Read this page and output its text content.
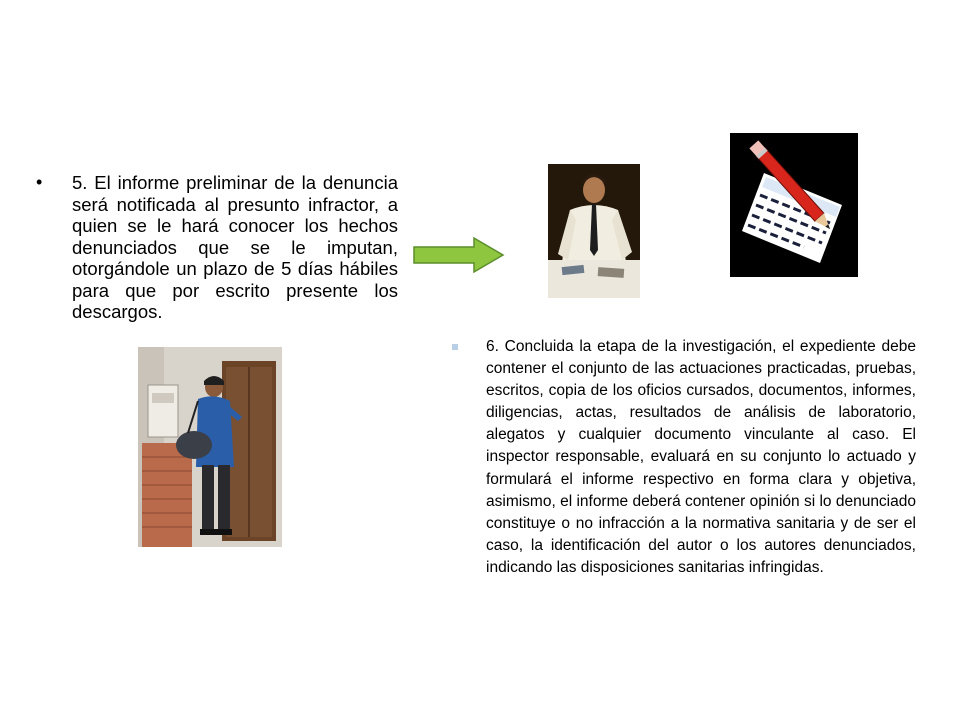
• 5. El informe preliminar de la denuncia será notificada al presunto infractor, a quien se le hará conocer los hechos denunciados que se le imputan, otorgándole un plazo de 5 días hábiles para que por escrito presente los descargos.
6. Concluida la etapa de la investigación, el expediente debe contener el conjunto de las actuaciones practicadas, pruebas, escritos, copia de los oficios cursados, documentos, informes, diligencias, actas, resultados de análisis de laboratorio, alegatos y cualquier documento vinculante al caso. El inspector responsable, evaluará en su conjunto lo actuado y formulará el informe respectivo en forma clara y objetiva, asimismo, el informe deberá contener opinión si lo denunciado constituye o no infracción a la normativa sanitaria y de ser el caso, la identificación del autor o los autores denunciados, indicando las disposiciones sanitarias infringidas.
